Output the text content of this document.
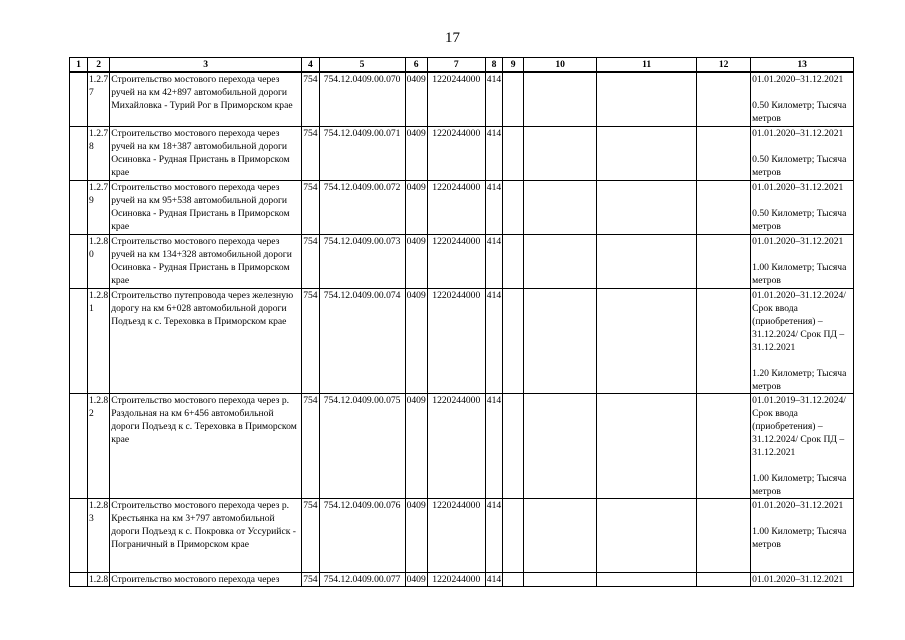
17
1	2	3	4	5	6	7	8	9	10	11	12	13
	1.2.7 7	Строительство мостового перехода через ручей на км 42+897 автомобильной дороги Михайловка - Турий Рог в Приморском крае	754	754.12.0409.00.070	0409	1220244000	414					01.01.2020–31.12.2021
0.50 Километр; Тысяча метров

	1.2.7 8	Строительство мостового перехода через ручей на км 18+387 автомобильной дороги Осиновка - Рудная Пристань в Приморском крае	754	754.12.0409.00.071	0409	1220244000	414					01.01.2020–31.12.2021
0.50 Километр; Тысяча метров

	1.2.7 9	Строительство мостового перехода через ручей на км 95+538 автомобильной дороги Осиновка - Рудная Пристань в Приморском крае	754	754.12.0409.00.072	0409	1220244000	414					01.01.2020–31.12.2021
0.50 Километр; Тысяча метров

	1.2.8 0	Строительство мостового перехода через ручей на км 134+328 автомобильной дороги Осиновка - Рудная Пристань в Приморском крае	754	754.12.0409.00.073	0409	1220244000	414					01.01.2020–31.12.2021
1.00 Километр; Тысяча метров

	1.2.8 1	Строительство путепровода через железную дорогу на км 6+028 автомобильной дороги Подъезд к с. Тереховка в Приморском крае	754	754.12.0409.00.074	0409	1220244000	414					01.01.2020–31.12.2024/ Срок ввода (приобретения) – 31.12.2024/ Срок ПД – 31.12.2021
1.20 Километр; Тысяча метров

	1.2.8 2	Строительство мостового перехода через р. Раздольная на км 6+456 автомобильной дороги Подъезд к с. Тереховка в Приморском крае	754	754.12.0409.00.075	0409	1220244000	414					01.01.2019–31.12.2024/ Срок ввода (приобретения) – 31.12.2024/ Срок ПД – 31.12.2021
1.00 Километр; Тысяча метров

	1.2.8 3	Строительство мостового перехода через р. Крестьянка на км 3+797 автомобильной дороги Подъезд к с. Покровка от Уссурийск - Пограничный в Приморском крае	754	754.12.0409.00.076	0409	1220244000	414					01.01.2020–31.12.2021
1.00 Километр; Тысяча метров

	1.2.8	Строительство мостового перехода через	754	754.12.0409.00.077	0409	1220244000	414					01.01.2020–31.12.2021
